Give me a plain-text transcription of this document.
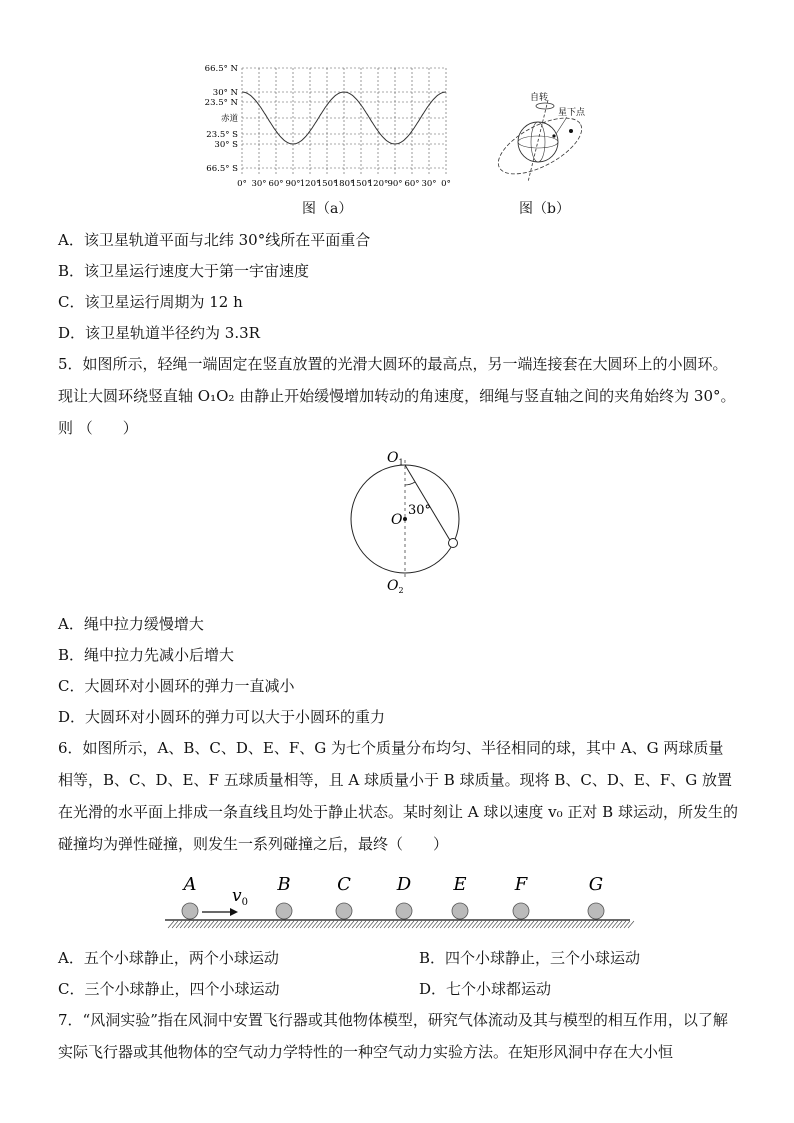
66.5° N
30° N
23.5° N
赤道
23.5° S
30° S
66.5° S
0° 30° 60° 90° 120°
150°
180°
150°
120° 90° 60° 30° 0°
图（a）
自转
星下点
图（b）
A．该卫星轨道平面与北纬 30°线所在平面重合
B．该卫星运行速度大于第一宇宙速度
C．该卫星运行周期为 12 h
D．该卫星轨道半径约为 3.3R
5．如图所示，轻绳一端固定在竖直放置的光滑大圆环的最高点，另一端连接套在大圆环上的小圆环。现让大圆环绕竖直轴 O₁O₂ 由静止开始缓慢增加转动的角速度，细绳与竖直轴之间的夹角始终为 30°。则 （　　）
$O_1$
O
30°
$O_2$
A．绳中拉力缓慢增大
B．绳中拉力先减小后增大
C．大圆环对小圆环的弹力一直减小
D．大圆环对小圆环的弹力可以大于小圆环的重力
6．如图所示，A、B、C、D、E、F、G 为七个质量分布均匀、半径相同的球，其中 A、G 两球质量相等，B、C、D、E、F 五球质量相等，且 A 球质量小于 B 球质量。现将 B、C、D、E、F、G 放置在光滑的水平面上排成一条直线且均处于静止状态。某时刻让 A 球以速度 v₀ 正对 B 球运动，所发生的碰撞均为弹性碰撞，则发生一系列碰撞之后，最终（　　）
A	B	C	D E	F	G
$v_0$
A．五个小球静止，两个小球运动	B．四个小球静止，三个小球运动
C．三个小球静止，四个小球运动	D．七个小球都运动
7．“风洞实验”指在风洞中安置飞行器或其他物体模型，研究气体流动及其与模型的相互作用，以了解实际飞行器或其他物体的空气动力学特性的一种空气动力实验方法。在矩形风洞中存在大小恒
